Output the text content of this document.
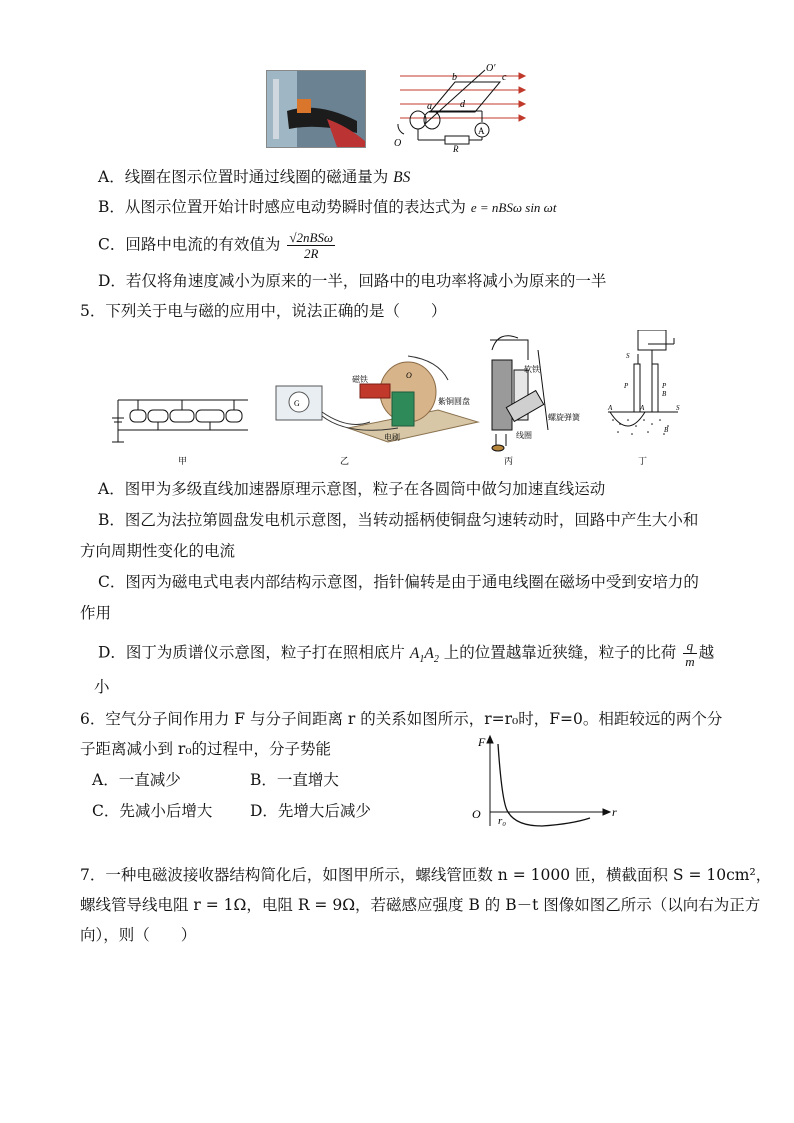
O′
O
a
b	c
d
A
R
A．线圈在图示位置时通过线圈的磁通量为 BS
B．从图示位置开始计时感应电动势瞬时值的表达式为 e = nBSω sin ωt
C．回路中电流的有效值为 $\frac{\text{√2nBSω}}{2R}$
D．若仅将角速度减小为原来的一半，回路中的电功率将减小为原来的一半
5．下列关于电与磁的应用中，说法正确的是（　　）
甲
G
磁铁	O
紫铜圆盘
电刷
乙
软铁
螺旋弹簧
线圈
丙
S
P	P
B
A	A	S
B
丁
A．图甲为多级直线加速器原理示意图，粒子在各圆筒中做匀加速直线运动
B．图乙为法拉第圆盘发电机示意图，当转动摇柄使铜盘匀速转动时，回路中产生大小和
方向周期性变化的电流
C．图丙为磁电式电表内部结构示意图，指针偏转是由于通电线圈在磁场中受到安培力的
作用
D．图丁为质谱仪示意图，粒子打在照相底片 $A_1A_2$ 上的位置越靠近狭缝，粒子的比荷 $\frac{q}{m}$ 越
小
6．空气分子间作用力 F 与分子间距离 r 的关系如图所示，r=r₀时，F=0。相距较远的两个分
子距离减小到 r₀的过程中，分子势能
A．一直减少	B．一直增大
C．先减小后增大 D．先增大后减少
F
O	r
r₀
7．一种电磁波接收器结构简化后，如图甲所示，螺线管匝数 n = 1000 匝，横截面积 S = 10cm²，
螺线管导线电阻 r = 1Ω，电阻 R = 9Ω，若磁感应强度 B 的 B－t 图像如图乙所示（以向右为正方
向），则（　　）
